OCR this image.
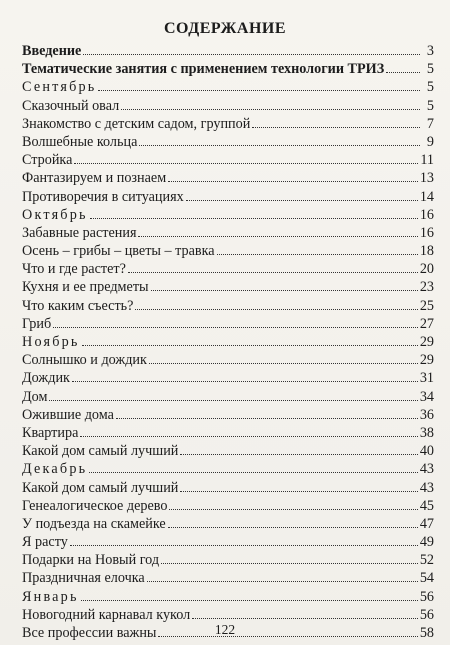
СОДЕРЖАНИЕ
Введение	3
Тематические занятия с применением технологии ТРИЗ	5
Сентябрь	5
Сказочный овал	5
Знакомство с детским садом, группой	7
Волшебные кольца	9
Стройка	11
Фантазируем и познаем	13
Противоречия в ситуациях	14
Октябрь	16
Забавные растения	16
Осень – грибы – цветы – травка	18
Что и где растет?	20
Кухня и ее предметы	23
Что каким съесть?	25
Гриб	27
Ноябрь	29
Солнышко и дождик	29
Дождик	31
Дом	34
Ожившие дома	36
Квартира	38
Какой дом самый лучший	40
Декабрь	43
Какой дом самый лучший	43
Генеалогическое дерево	45
У подъезда на скамейке	47
Я расту	49
Подарки на Новый год	52
Праздничная елочка	54
Январь	56
Новогодний карнавал кукол	56
Все профессии важны	58
122
